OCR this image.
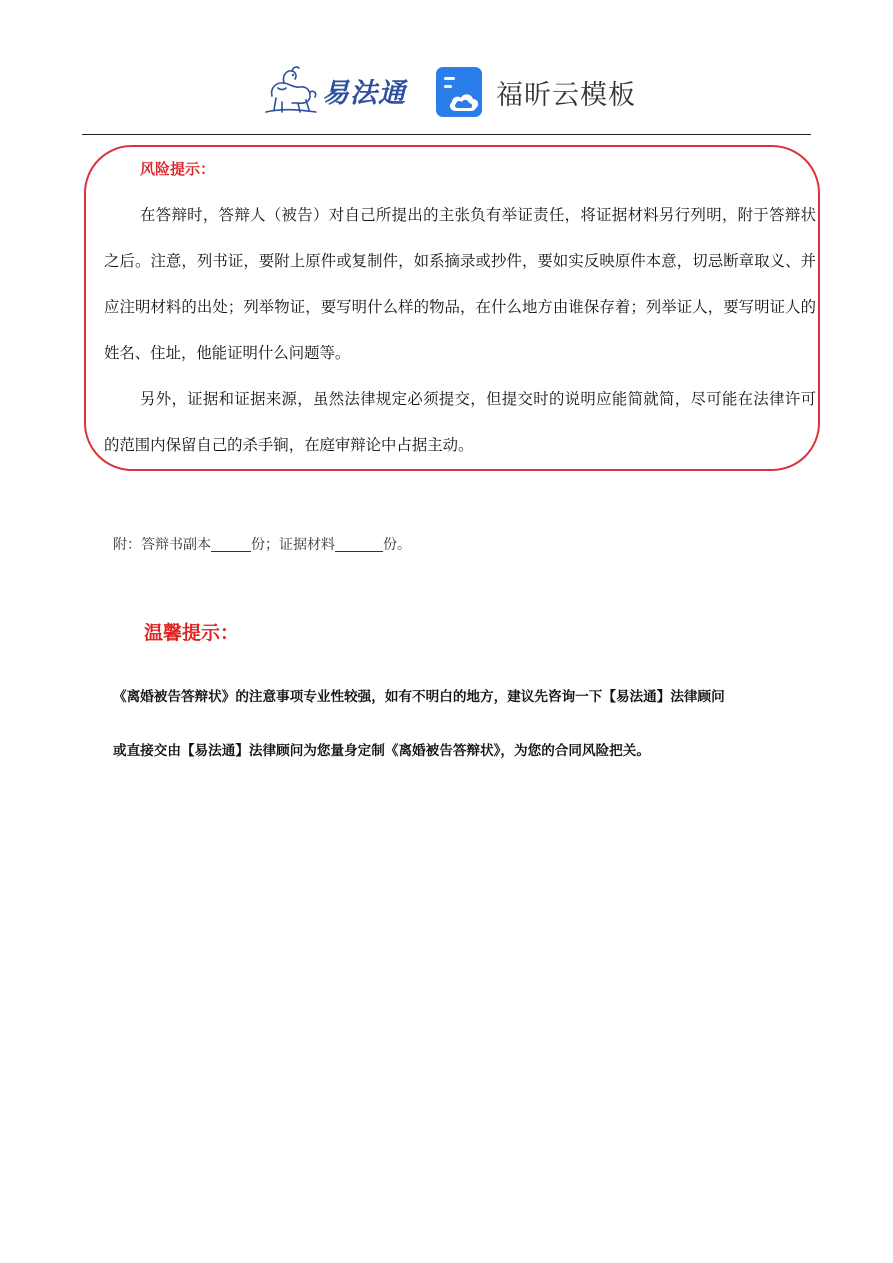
易法通	福昕云模板
风险提示：

在答辩时，答辩人（被告）对自己所提出的主张负有举证责任，将证据材料另行列明，附于答辩状之后。注意，列书证，要附上原件或复制件，如系摘录或抄件，要如实反映原件本意，切忌断章取义、并应注明材料的出处；列举物证，要写明什么样的物品，在什么地方由谁保存着；列举证人，要写明证人的姓名、住址，他能证明什么问题等。

另外，证据和证据来源，虽然法律规定必须提交，但提交时的说明应能简就简，尽可能在法律许可的范围内保留自己的杀手锏，在庭审辩论中占据主动。

附：答辩书副本	份；证据材料	份。
温馨提示：

《离婚被告答辩状》的注意事项专业性较强，如有不明白的地方，建议先咨询一下【易法通】法律顾问

或直接交由【易法通】法律顾问为您量身定制《离婚被告答辩状》，为您的合同风险把关。
